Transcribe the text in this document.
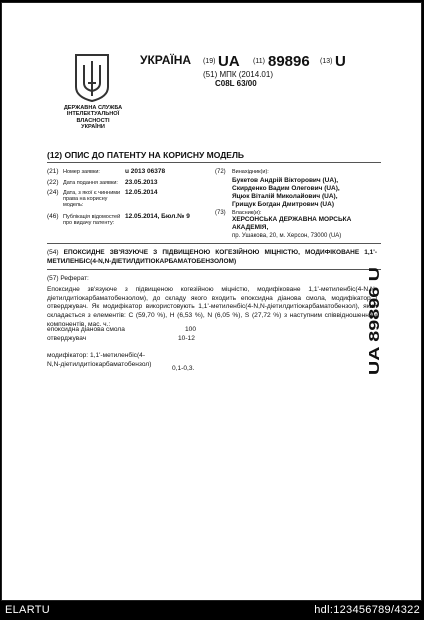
ДЕРЖАВНА СЛУЖБА
ІНТЕЛЕКТУАЛЬНОЇ
ВЛАСНОСТІ
УКРАЇНИ
УКРАЇНА (19) UA (11) 89896 (13) U
(51) МПК (2014.01)
C08L 63/00
(12) ОПИС ДО ПАТЕНТУ НА КОРИСНУ МОДЕЛЬ
(21) Номер заявки:	u 2013 06378
(22) Дата подання заявки: 23.05.2013
(24) Дата, з якої є чинними
права на корисну
модель:
12.05.2014
(46) Публікація відомостей
про видачу патенту:
12.05.2014, Бюл.№ 9
(72) Винахідник(и):
Букетов Андрій Вікторович (UA),
Скирденко Вадим Олегович (UA),
Яцюк Віталій Миколайович (UA),
Грищук Богдан Дмитрович (UA)
(73) Власник(и):
ХЕРСОНСЬКА ДЕРЖАВНА МОРСЬКА
АКАДЕМІЯ,
пр. Ушакова, 20, м. Херсон, 73000 (UA)
(54) ЕПОКСИДНЕ ЗВ'ЯЗУЮЧЕ З ПІДВИЩЕНОЮ КОГЕЗІЙНОЮ МІЦНІСТЮ, МОДИФІКОВАНЕ 1,1'-МЕТИЛЕНБІС(4-N,N-ДІЕТИЛДИТІОКАРБАМАТОБЕНЗОЛОМ)
(57) Реферат:
Епоксидне зв'язуюче з підвищеною когезійною міцністю, модифіковане 1,1'-метиленбіс(4-N,N-діетилдитіокарбаматобензолом), до складу якого входить епоксидна діанова смола, модифікатор і отверджувач. Як модифікатор використовують 1,1'-метиленбіс(4-N,N-діетилдитіокарбаматобензол), який складається з елементів: C (59,70 %), H (6,53 %), N (6,05 %), S (27,72 %) з наступним співвідношенням компонентів, мас. ч.:
епоксидна діанова смола	100
отверджувач	10-12
модифікатор: 1,1'-метиленбіс(4-
N,N-діетилдитіокарбаматобензол)
0,1-0,3.	UA 89896 U
ELARTU	hdl:123456789/4322
